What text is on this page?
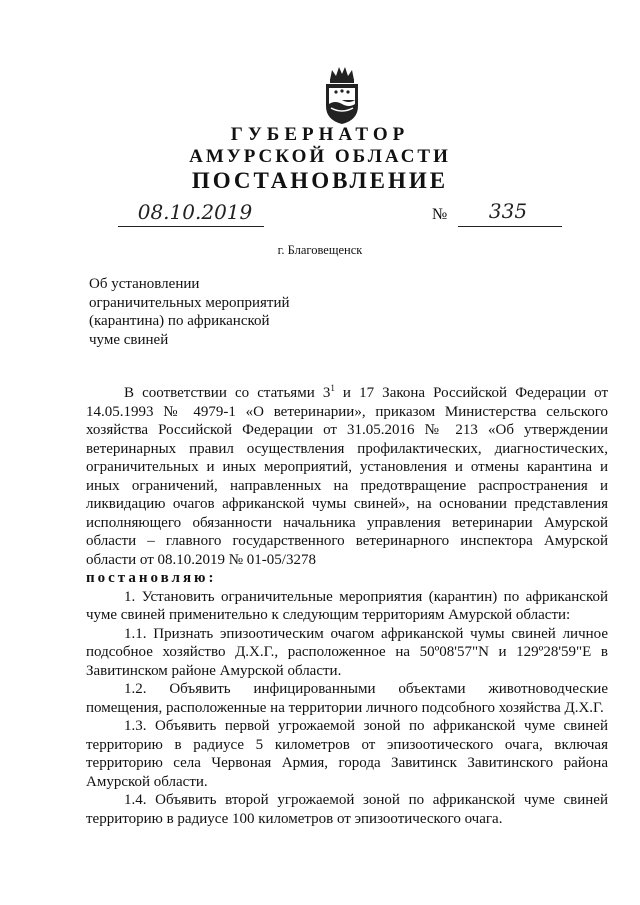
ГУБЕРНАТОР
АМУРСКОЙ ОБЛАСТИ
ПОСТАНОВЛЕНИЕ
08.10.2019	№	335
г. Благовещенск
Об установлении
ограничительных мероприятий
(карантина) по африканской
чуме свиней
В соответствии со статьями $3^1$ и 17 Закона Российской Федерации от 14.05.1993 № 4979-1 «О ветеринарии», приказом Министерства сельского хозяйства Российской Федерации от 31.05.2016 № 213 «Об утверждении ветеринарных правил осуществления профилактических, диагностических, ограничительных и иных мероприятий, установления и отмены карантина и иных ограничений, направленных на предотвращение распространения и ликвидацию очагов африканской чумы свиней», на основании представления исполняющего обязанности начальника управления ветеринарии Амурской области – главного государственного ветеринарного инспектора Амурской области от 08.10.2019 № 01-05/3278
постановляю:
1. Установить ограничительные мероприятия (карантин) по африканской чуме свиней применительно к следующим территориям Амурской области:
1.1. Признать эпизоотическим очагом африканской чумы свиней личное подсобное хозяйство Д.Х.Г., расположенное на 50º08'57"N и 129º28'59"E в Завитинском районе Амурской области.
1.2. Объявить инфицированными объектами животноводческие помещения, расположенные на территории личного подсобного хозяйства Д.Х.Г.
1.3. Объявить первой угрожаемой зоной по африканской чуме свиней территорию в радиусе 5 километров от эпизоотического очага, включая территорию села Червоная Армия, города Завитинск Завитинского района Амурской области.
1.4. Объявить второй угрожаемой зоной по африканской чуме свиней территорию в радиусе 100 километров от эпизоотического очага.
